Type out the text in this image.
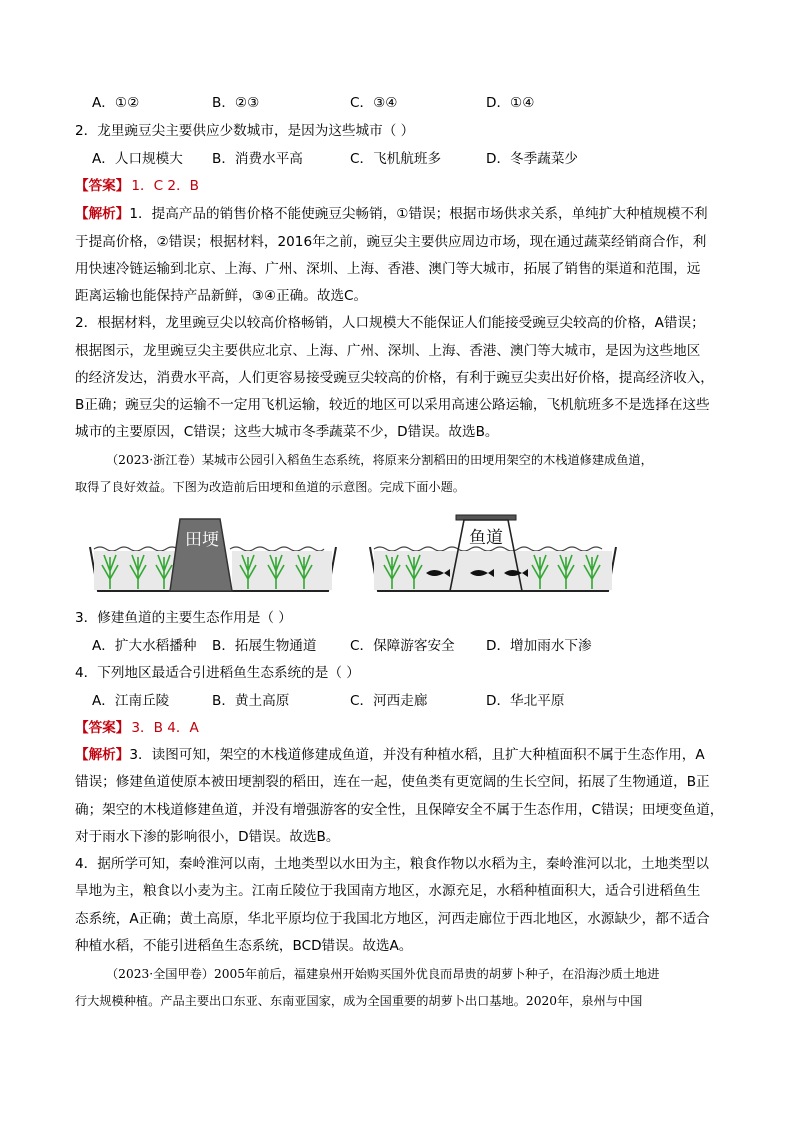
A．①②	B．②③	C．③④	D．①④
2．龙里豌豆尖主要供应少数城市，是因为这些城市（ ）
A．人口规模大 B．消费水平高	C．飞机航班多	D．冬季蔬菜少
【答案】 1．C 2．B
【解析】1．提高产品的销售价格不能使豌豆尖畅销，①错误；根据市场供求关系，单纯扩大种植规模不利
于提高价格，②错误；根据材料，2016年之前，豌豆尖主要供应周边市场，现在通过蔬菜经销商合作，利
用快速冷链运输到北京、上海、广州、深圳、上海、香港、澳门等大城市，拓展了销售的渠道和范围，远
距离运输也能保持产品新鲜，③④正确。故选C。
2．根据材料，龙里豌豆尖以较高价格畅销，人口规模大不能保证人们能接受豌豆尖较高的价格，A错误；
根据图示，龙里豌豆尖主要供应北京、上海、广州、深圳、上海、香港、澳门等大城市，是因为这些地区
的经济发达，消费水平高，人们更容易接受豌豆尖较高的价格，有利于豌豆尖卖出好价格，提高经济收入，
B正确；豌豆尖的运输不一定用飞机运输，较近的地区可以采用高速公路运输，飞机航班多不是选择在这些
城市的主要原因，C错误；这些大城市冬季蔬菜不少，D错误。故选B。
（2023·浙江卷）某城市公园引入稻鱼生态系统，将原来分割稻田的田埂用架空的木栈道修建成鱼道，
取得了良好效益。下图为改造前后田埂和鱼道的示意图。完成下面小题。
田埂	鱼道
3．修建鱼道的主要生态作用是（ ）
A．扩大水稻播种 B．拓展生物通道 C．保障游客安全 D．增加雨水下渗
4．下列地区最适合引进稻鱼生态系统的是（ ）
A．江南丘陵	B．黄土高原	C．河西走廊	D．华北平原
【答案】 3．B 4．A
【解析】3．读图可知，架空的木栈道修建成鱼道，并没有种植水稻，且扩大种植面积不属于生态作用，A
错误；修建鱼道使原本被田埂割裂的稻田，连在一起，使鱼类有更宽阔的生长空间，拓展了生物通道，B正
确；架空的木栈道修建鱼道，并没有增强游客的安全性，且保障安全不属于生态作用，C错误；田埂变鱼道，
对于雨水下渗的影响很小，D错误。故选B。
4．据所学可知，秦岭淮河以南，土地类型以水田为主，粮食作物以水稻为主，秦岭淮河以北，土地类型以
旱地为主，粮食以小麦为主。江南丘陵位于我国南方地区，水源充足，水稻种植面积大，适合引进稻鱼生
态系统，A正确；黄土高原，华北平原均位于我国北方地区，河西走廊位于西北地区，水源缺少，都不适合
种植水稻，不能引进稻鱼生态系统，BCD错误。故选A。
（2023·全国甲卷）2005年前后，福建泉州开始购买国外优良而昂贵的胡萝卜种子，在沿海沙质土地进
行大规模种植。产品主要出口东亚、东南亚国家，成为全国重要的胡萝卜出口基地。2020年，泉州与中国
